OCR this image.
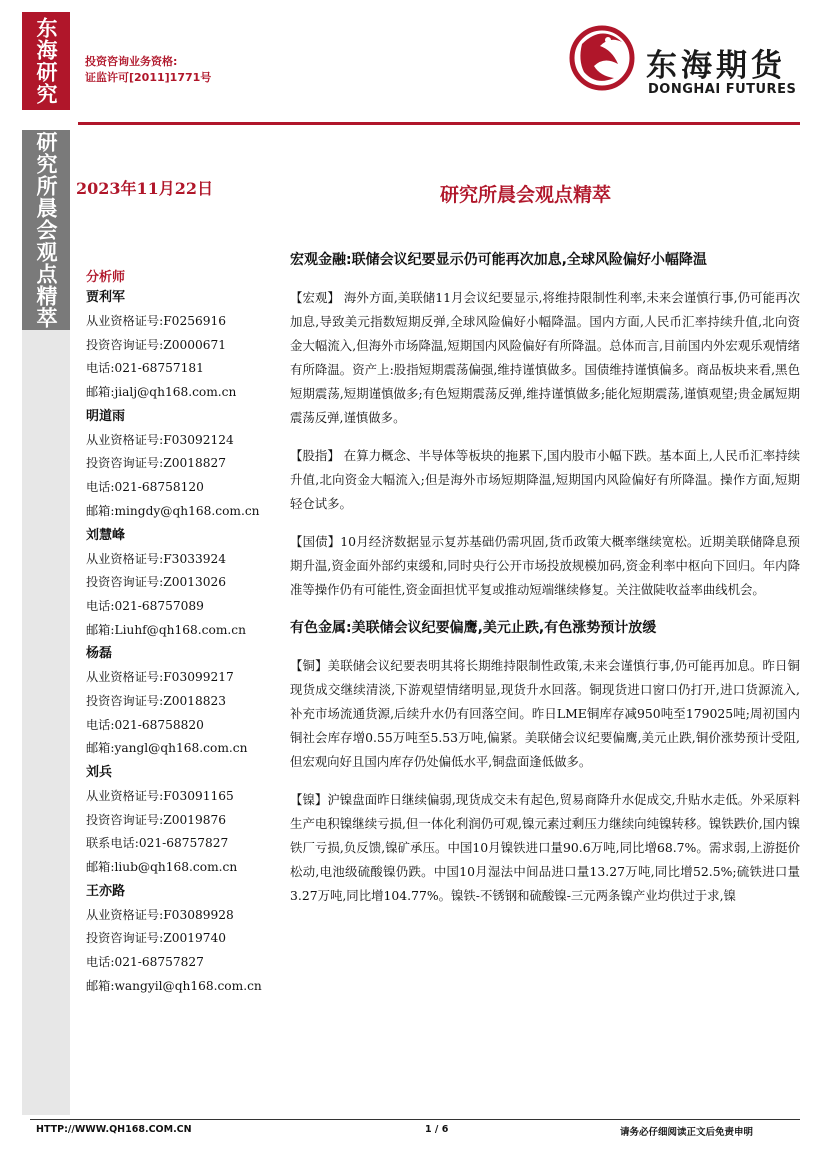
东海研究
研究所晨会观点精萃
投资咨询业务资格:
证监许可[2011]1771号	东海期货
DONGHAI FUTURES
2023年11月22日	研究所晨会观点精萃
分析师
贾利军
从业资格证号:F0256916
投资咨询证号:Z0000671
电话:021-68757181
邮箱:jialj@qh168.com.cn
明道雨
从业资格证号:F03092124
投资咨询证号:Z0018827
电话:021-68758120
邮箱:mingdy@qh168.com.cn
刘慧峰
从业资格证号:F3033924
投资咨询证号:Z0013026
电话:021-68757089
邮箱:Liuhf@qh168.com.cn
杨磊
从业资格证号:F03099217
投资咨询证号:Z0018823
电话:021-68758820
邮箱:yangl@qh168.com.cn
刘兵
从业资格证号:F03091165
投资咨询证号:Z0019876
联系电话:021-68757827
邮箱:liub@qh168.com.cn
王亦路
从业资格证号:F03089928
投资咨询证号:Z0019740
电话:021-68757827
邮箱:wangyil@qh168.com.cn
宏观金融:联储会议纪要显示仍可能再次加息,全球风险偏好小幅降温

【宏观】 海外方面,美联储11月会议纪要显示,将维持限制性利率,未来会谨慎行事,仍可能再次加息,导致美元指数短期反弹,全球风险偏好小幅降温。国内方面,人民币汇率持续升值,北向资金大幅流入,但海外市场降温,短期国内风险偏好有所降温。总体而言,目前国内外宏观乐观情绪有所降温。资产上:股指短期震荡偏强,维持谨慎做多。国债维持谨慎偏多。商品板块来看,黑色短期震荡,短期谨慎做多;有色短期震荡反弹,维持谨慎做多;能化短期震荡,谨慎观望;贵金属短期震荡反弹,谨慎做多。

【股指】 在算力概念、半导体等板块的拖累下,国内股市小幅下跌。基本面上,人民币汇率持续升值,北向资金大幅流入;但是海外市场短期降温,短期国内风险偏好有所降温。操作方面,短期轻仓试多。

【国债】10月经济数据显示复苏基础仍需巩固,货币政策大概率继续宽松。近期美联储降息预期升温,资金面外部约束缓和,同时央行公开市场投放规模加码,资金利率中枢向下回归。年内降准等操作仍有可能性,资金面担忧平复或推动短端继续修复。关注做陡收益率曲线机会。

有色金属:美联储会议纪要偏鹰,美元止跌,有色涨势预计放缓

【铜】美联储会议纪要表明其将长期维持限制性政策,未来会谨慎行事,仍可能再加息。昨日铜现货成交继续清淡,下游观望情绪明显,现货升水回落。铜现货进口窗口仍打开,进口货源流入,补充市场流通货源,后续升水仍有回落空间。昨日LME铜库存减950吨至179025吨;周初国内铜社会库存增0.55万吨至5.53万吨,偏紧。美联储会议纪要偏鹰,美元止跌,铜价涨势预计受阻,但宏观向好且国内库存仍处偏低水平,铜盘面逢低做多。

【镍】沪镍盘面昨日继续偏弱,现货成交未有起色,贸易商降升水促成交,升贴水走低。外采原料生产电积镍继续亏损,但一体化利润仍可观,镍元素过剩压力继续向纯镍转移。镍铁跌价,国内镍铁厂亏损,负反馈,镍矿承压。中国10月镍铁进口量90.6万吨,同比增68.7%。需求弱,上游挺价松动,电池级硫酸镍仍跌。中国10月湿法中间品进口量13.27万吨,同比增52.5%;硫铁进口量3.27万吨,同比增104.77%。镍铁-不锈钢和硫酸镍-三元两条镍产业均供过于求,镍

HTTP://WWW.QH168.COM.CN	1 / 6	请务必仔细阅读正文后免责申明
